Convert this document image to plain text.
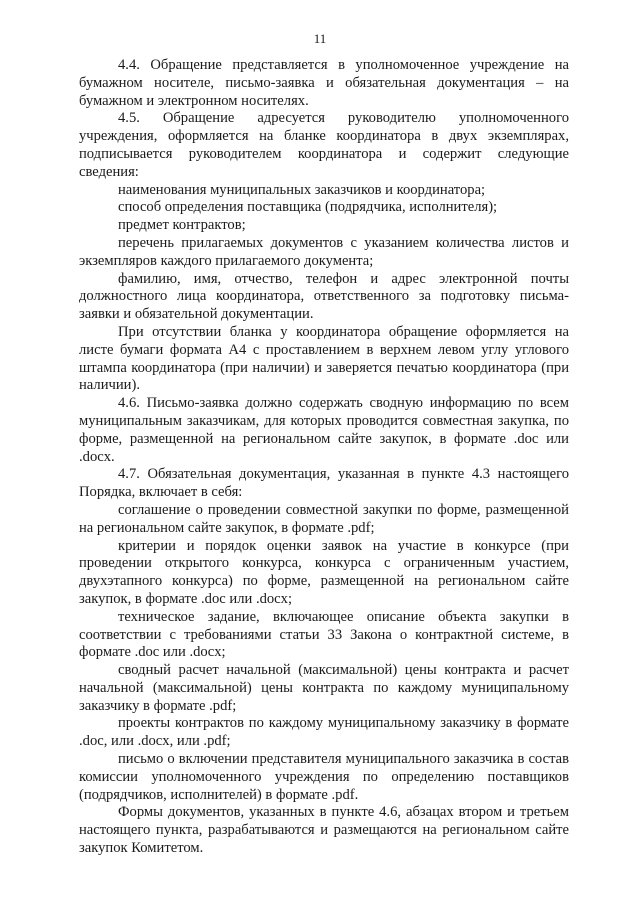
11

4.4. Обращение представляется в уполномоченное учреждение на бумажном носителе, письмо-заявка и обязательная документация – на бумажном и электронном носителях.

4.5. Обращение адресуется руководителю уполномоченного учреждения, оформляется на бланке координатора в двух экземплярах, подписывается руководителем координатора и содержит следующие сведения:

наименования муниципальных заказчиков и координатора;

способ определения поставщика (подрядчика, исполнителя);

предмет контрактов;

перечень прилагаемых документов с указанием количества листов и экземпляров каждого прилагаемого документа;

фамилию, имя, отчество, телефон и адрес электронной почты должностного лица координатора, ответственного за подготовку письма-заявки и обязательной документации.

При отсутствии бланка у координатора обращение оформляется на листе бумаги формата А4 с проставлением в верхнем левом углу углового штампа координатора (при наличии) и заверяется печатью координатора (при наличии).

4.6. Письмо-заявка должно содержать сводную информацию по всем муниципальным заказчикам, для которых проводится совместная закупка, по форме, размещенной на региональном сайте закупок, в формате .doc или .docx.

4.7. Обязательная документация, указанная в пункте 4.3 настоящего Порядка, включает в себя:

соглашение о проведении совместной закупки по форме, размещенной на региональном сайте закупок, в формате .pdf;

критерии и порядок оценки заявок на участие в конкурсе (при проведении открытого конкурса, конкурса с ограниченным участием, двухэтапного конкурса) по форме, размещенной на региональном сайте закупок, в формате .doc или .docx;

техническое задание, включающее описание объекта закупки в соответствии с требованиями статьи 33 Закона о контрактной системе, в формате .doc или .docx;

сводный расчет начальной (максимальной) цены контракта и расчет начальной (максимальной) цены контракта по каждому муниципальному заказчику в формате .pdf;

проекты контрактов по каждому муниципальному заказчику в формате .doc, или .docx, или .pdf;

письмо о включении представителя муниципального заказчика в состав комиссии уполномоченного учреждения по определению поставщиков (подрядчиков, исполнителей) в формате .pdf.

Формы документов, указанных в пункте 4.6, абзацах втором и третьем настоящего пункта, разрабатываются и размещаются на региональном сайте закупок Комитетом.
